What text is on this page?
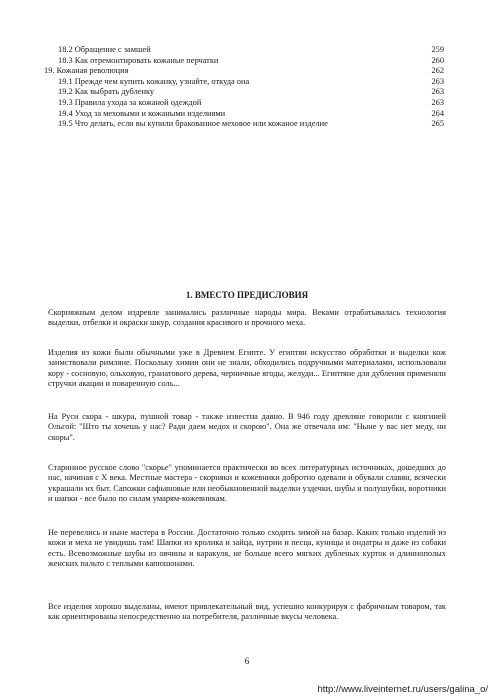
18.2 Обращение с замшей	259
18.3 Как отремонтировать кожаные перчатки	260
19. Кожаная революция	262
19.1 Прежде чем купить кожанку, узнайте, откуда она	263
19.2 Как выбрать дубленку	263
19.3 Правила ухода за кожаной одеждой	263
19.4 Уход за меховыми и кожаными изделиями	264
19.5 Что делать, если вы купили бракованное меховое или кожаное изделие	265
1. ВМЕСТО ПРЕДИСЛОВИЯ
Скорняжным делом издревле занимались различные народы мира. Веками отрабатывалась технология выделки, отбелки и окраски шкур, создания красивого и прочного меха.
Изделия из кожи были обычными уже в Древнем Египте. У египтян искусство обработки и выделки кож заимствовали римляне. Поскольку химии они не знали, обходились подручными материалами, использовали кору - сосновую, ольховую, гранатового дерева, черничные ягоды, желуди... Египтяне для дубления применяли стручки акации и поваренную соль...
На Руси скора - шкура, пушной товар - также известна давно. В 946 году древляне говорили с княгиней Ольгой: "Што ты хочешь у нас? Ради даем медох и скорою". Она же отвечала им: "Ныне у вас нет меду, ни скоры".
Старинное русское слово "скорье" упоминается практически во всех литературных источниках, дошедших до нас, начиная с X века. Местные мастера - скорняки и кожевники добротно одевали и обували славян, всячески украшали их быт. Сапожки сафьяновые или необыкновенной выделки уздечки, шубы и полушубки, воротники и шапки - все было по силам умарям-кожевникам.
Не перевелись и ныне мастера в России. Достаточно только сходить зимой на базар. Каких только изделий из кожи и меха не увидишь там! Шапки из кролика и зайца, нутрии и песца, куницы и ондатры и даже из собаки есть. Всевозможные шубы из овчины и каракуля, не больше всего мягких дубленых курток и длиннополых женских пальто с теплыми капюшонами.
Все изделия хорошо выделаны, имеют привлекательный вид, успешно конкурируя с фабричным товаром, так как ориентированы непосредственно на потребителя, различные вкусы человека.
6
http://www.liveinternet.ru/users/galina_o/
